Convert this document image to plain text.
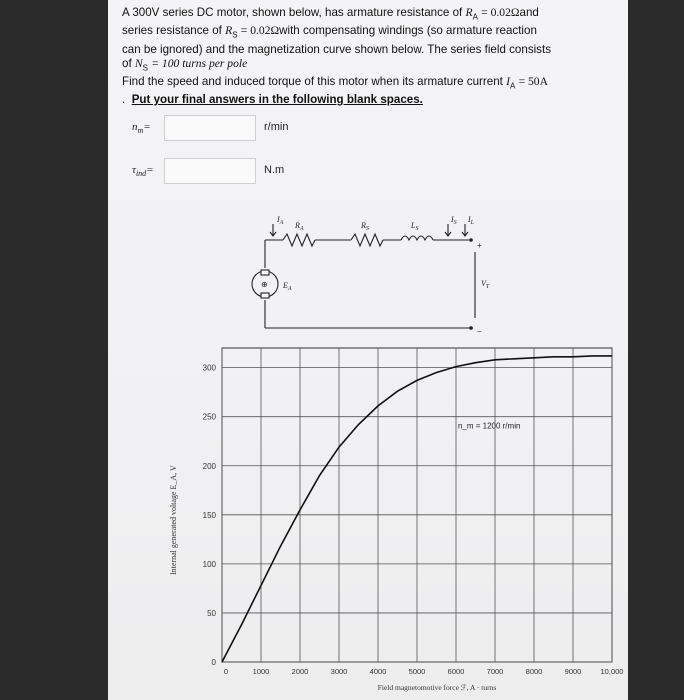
A 300V series DC motor, shown below, has armature resistance of $R_A = 0.02\Omega and$

series resistance of $R_S$ = 0.02Ωwith compensating windings (so armature reaction

can be ignored) and the magnetization curve shown below. The series field consists

of $N_S = 100$ turns per pole

Find the speed and induced torque of this motor when its armature current $I_A = 50A$

. Put your final answers in the following blank spaces.

$n_m=$	r/min
$\tau_{ind}=$	N.m
$I_A$ $R_A$	$R_S$	$L_S$
$I_S$ $I_L$
$E_A$
$V_T$
⊕
+
−
0
50
100
150
200
250
300
0	1000	2000	3000	4000	5000	6000	7000	8000	9000	10,000
Internal generated voltage E_A, V
Field magnetomotive force ℱ, A · turns
n_m = 1200 r/min
